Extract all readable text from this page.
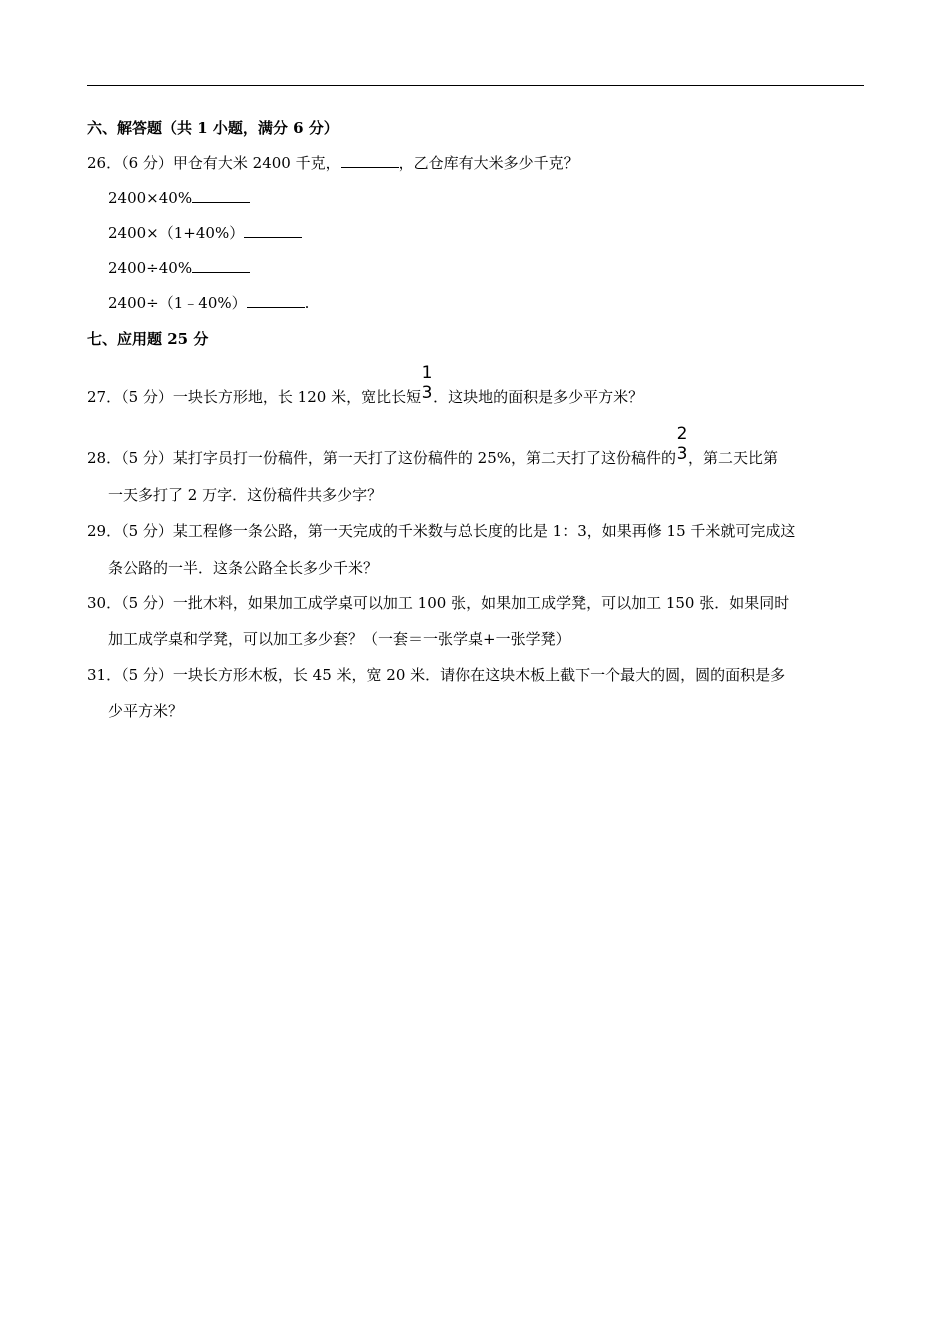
六、解答题（共 1 小题，满分 6 分）
26．（6 分）甲仓有大米 2400 千克，	，乙仓库有大米多少千克？
2400×40%
2400×（1+40%）
2400÷40%
2400÷（1﹣40%）	.
七、应用题 25 分
27．（5 分）一块长方形地，长 120 米，宽比长短
1
3 ．这块地的面积是多少平方米？
28．（5 分）某打字员打一份稿件，第一天打了这份稿件的 25%，第二天打了这份稿件的
2
3 ，第二天比第
一天多打了 2 万字．这份稿件共多少字？
29．（5 分）某工程修一条公路，第一天完成的千米数与总长度的比是 1：3，如果再修 15 千米就可完成这
条公路的一半．这条公路全长多少千米？
30．（5 分）一批木料，如果加工成学桌可以加工 100 张，如果加工成学凳，可以加工 150 张．如果同时
加工成学桌和学凳，可以加工多少套？（一套＝一张学桌+一张学凳）
31．（5 分）一块长方形木板，长 45 米，宽 20 米．请你在这块木板上截下一个最大的圆，圆的面积是多
少平方米？
